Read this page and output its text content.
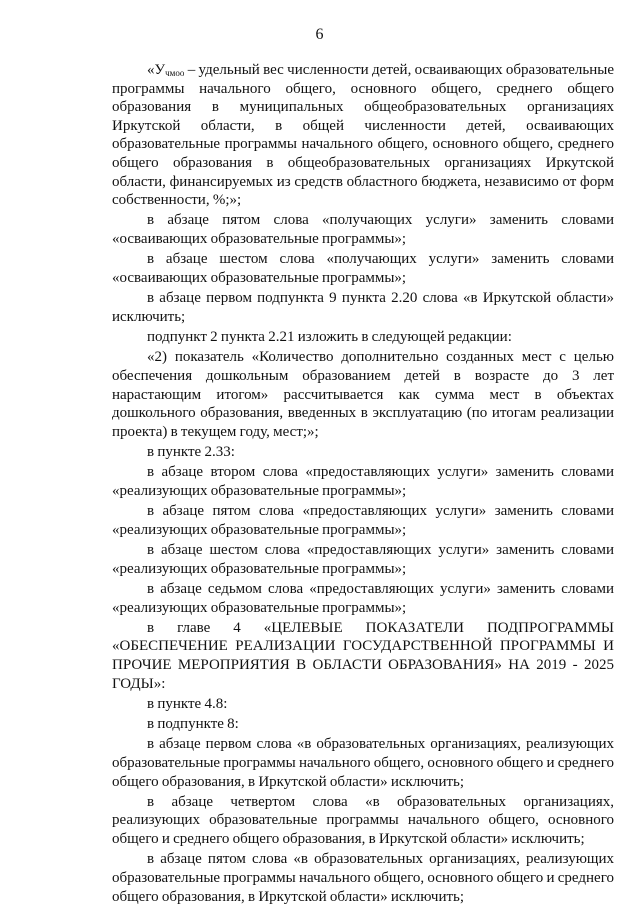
6

«$У_{чмоо}$ – удельный вес численности детей, осваивающих образовательные программы начального общего, основного общего, среднего общего образования в муниципальных общеобразовательных организациях Иркутской области, в общей численности детей, осваивающих образовательные программы начального общего, основного общего, среднего общего образования в общеобразовательных организациях Иркутской области, финансируемых из средств областного бюджета, независимо от форм собственности, %;»;

в абзаце пятом слова «получающих услуги» заменить словами «осваивающих образовательные программы»;

в абзаце шестом слова «получающих услуги» заменить словами «осваивающих образовательные программы»;

в абзаце первом подпункта 9 пункта 2.20 слова «в Иркутской области» исключить;

подпункт 2 пункта 2.21 изложить в следующей редакции:

«2) показатель «Количество дополнительно созданных мест с целью обеспечения дошкольным образованием детей в возрасте до 3 лет нарастающим итогом» рассчитывается как сумма мест в объектах дошкольного образования, введенных в эксплуатацию (по итогам реализации проекта) в текущем году, мест;»;

в пункте 2.33:

в абзаце втором слова «предоставляющих услуги» заменить словами «реализующих образовательные программы»;

в абзаце пятом слова «предоставляющих услуги» заменить словами «реализующих образовательные программы»;

в абзаце шестом слова «предоставляющих услуги» заменить словами «реализующих образовательные программы»;

в абзаце седьмом слова «предоставляющих услуги» заменить словами «реализующих образовательные программы»;

в главе 4 «ЦЕЛЕВЫЕ ПОКАЗАТЕЛИ ПОДПРОГРАММЫ «ОБЕСПЕЧЕНИЕ РЕАЛИЗАЦИИ ГОСУДАРСТВЕННОЙ ПРОГРАММЫ И ПРОЧИЕ МЕРОПРИЯТИЯ В ОБЛАСТИ ОБРАЗОВАНИЯ» НА 2019 - 2025 ГОДЫ»:

в пункте 4.8:

в подпункте 8:

в абзаце первом слова «в образовательных организациях, реализующих образовательные программы начального общего, основного общего и среднего общего образования, в Иркутской области» исключить;

в абзаце четвертом слова «в образовательных организациях, реализующих образовательные программы начального общего, основного общего и среднего общего образования, в Иркутской области» исключить;

в абзаце пятом слова «в образовательных организациях, реализующих образовательные программы начального общего, основного общего и среднего общего образования, в Иркутской области» исключить;
